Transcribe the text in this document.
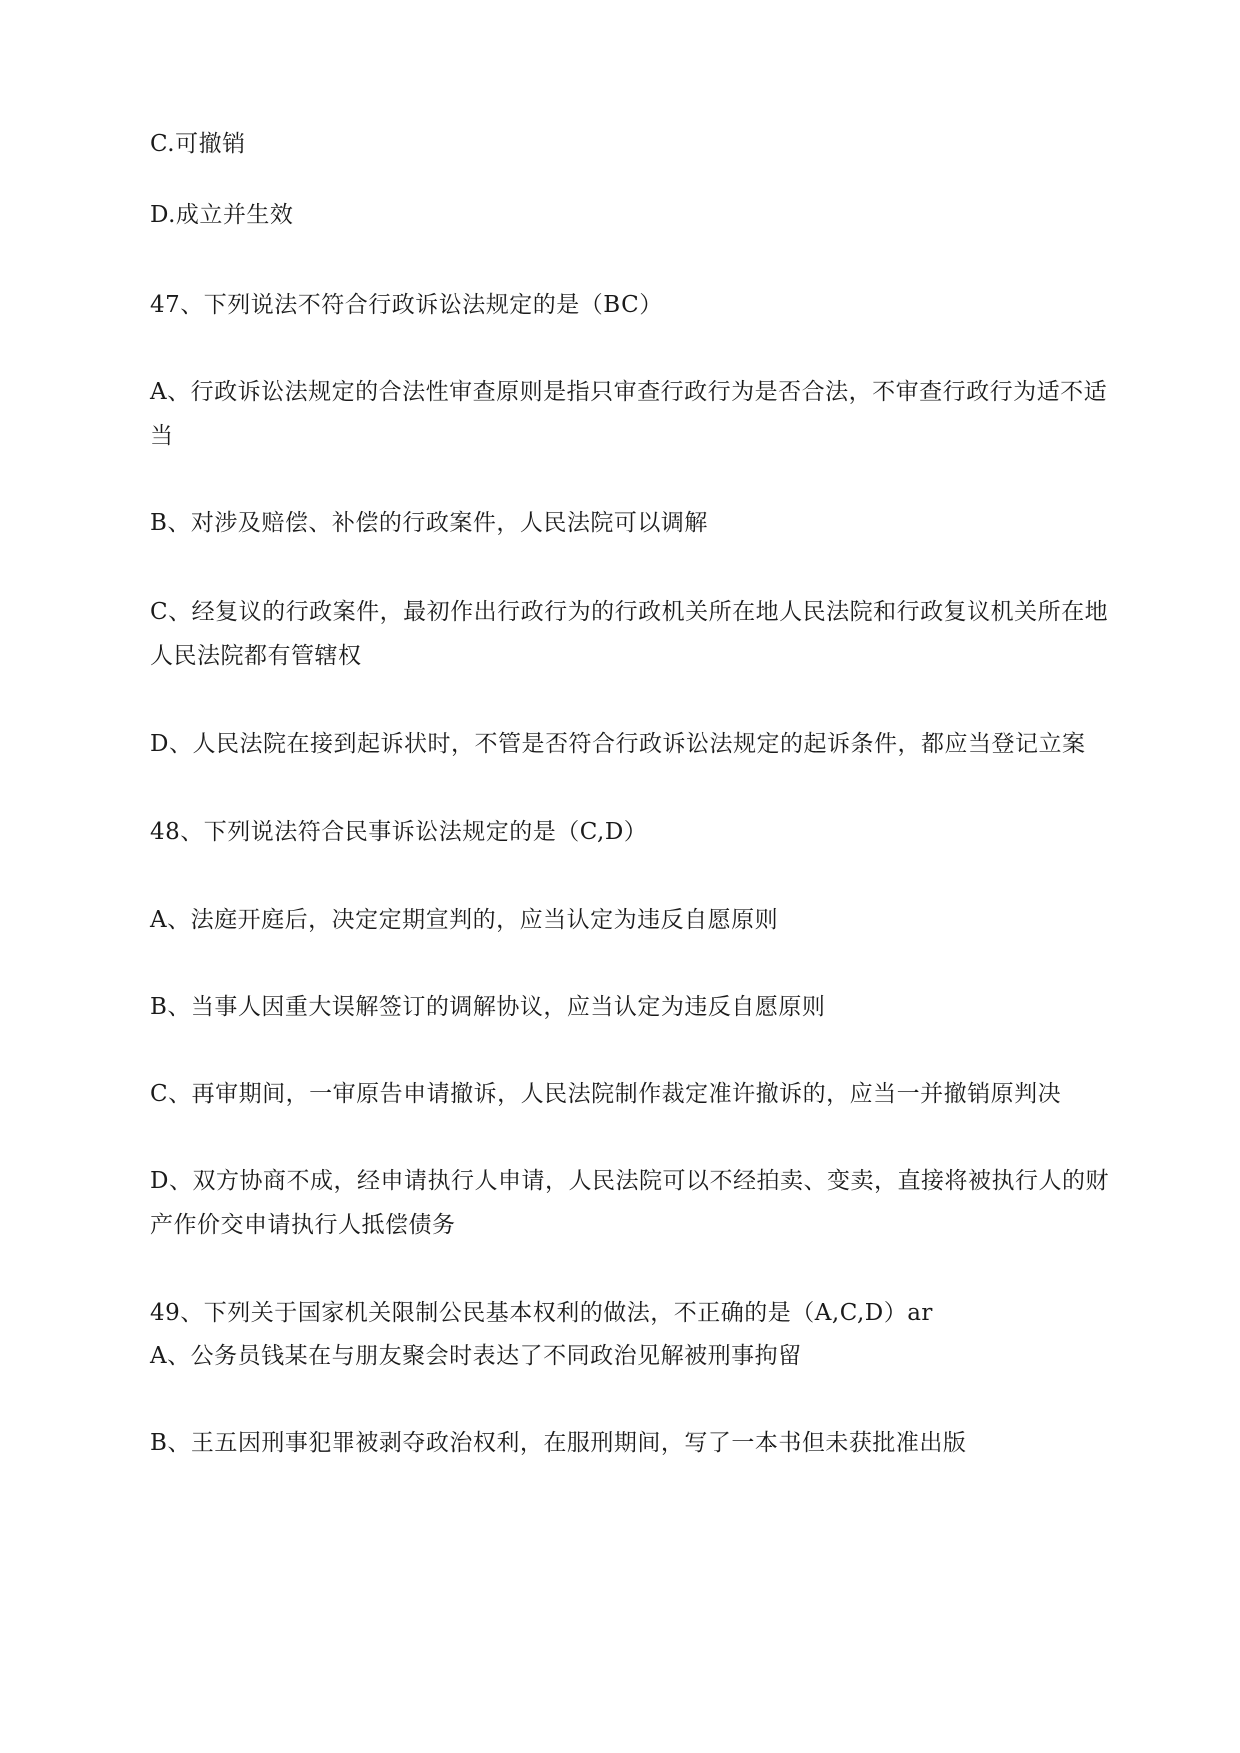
C.可撤销
D.成立并生效
47、下列说法不符合行政诉讼法规定的是（BC）
A、行政诉讼法规定的合法性审查原则是指只审查行政行为是否合法，不审查行政行为适不适
当
B、对涉及赔偿、补偿的行政案件，人民法院可以调解
C、经复议的行政案件，最初作出行政行为的行政机关所在地人民法院和行政复议机关所在地
人民法院都有管辖权
D、人民法院在接到起诉状时，不管是否符合行政诉讼法规定的起诉条件，都应当登记立案
48、下列说法符合民事诉讼法规定的是（C,D）
A、法庭开庭后，决定定期宣判的，应当认定为违反自愿原则
B、当事人因重大误解签订的调解协议，应当认定为违反自愿原则
C、再审期间，一审原告申请撤诉，人民法院制作裁定准许撤诉的，应当一并撤销原判决
D、双方协商不成，经申请执行人申请，人民法院可以不经拍卖、变卖，直接将被执行人的财
产作价交申请执行人抵偿债务
49、下列关于国家机关限制公民基本权利的做法，不正确的是（A,C,D）ar
A、公务员钱某在与朋友聚会时表达了不同政治见解被刑事拘留
B、王五因刑事犯罪被剥夺政治权利，在服刑期间，写了一本书但未获批准出版
